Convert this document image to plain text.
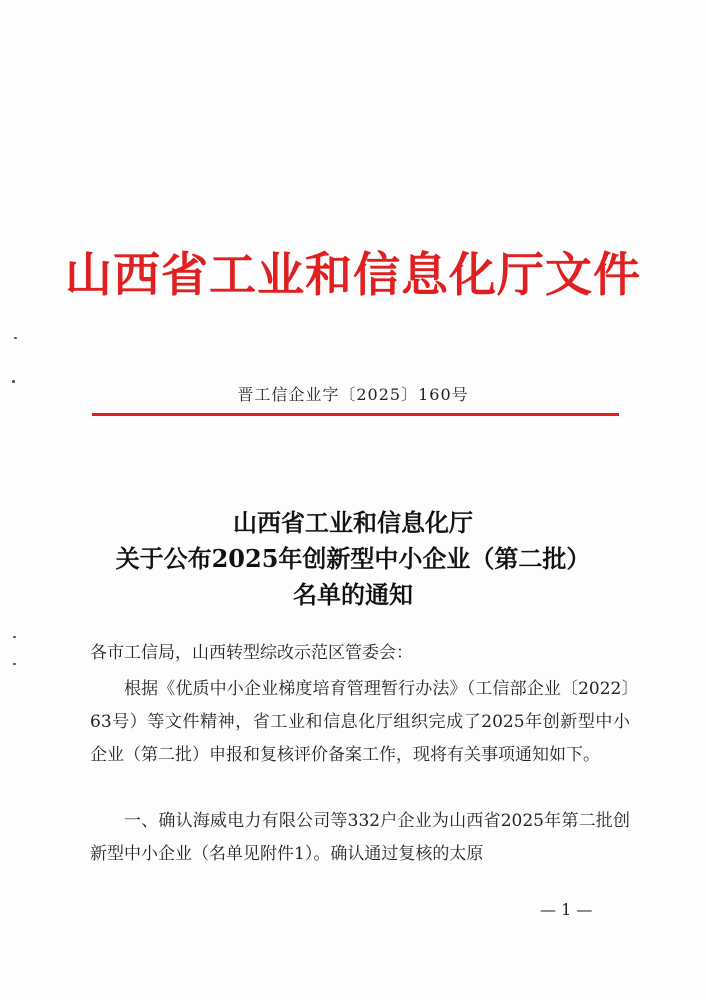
山西省工业和信息化厅文件
晋工信企业字〔2025〕160号
山西省工业和信息化厅
关于公布2025年创新型中小企业（第二批）
名单的通知
各市工信局，山西转型综改示范区管委会：
根据《优质中小企业梯度培育管理暂行办法》（工信部企业〔2022〕63号）等文件精神，省工业和信息化厅组织完成了2025年创新型中小企业（第二批）申报和复核评价备案工作，现将有关事项通知如下。
一、确认海威电力有限公司等332户企业为山西省2025年第二批创新型中小企业（名单见附件1）。确认通过复核的太原
— 1 —
